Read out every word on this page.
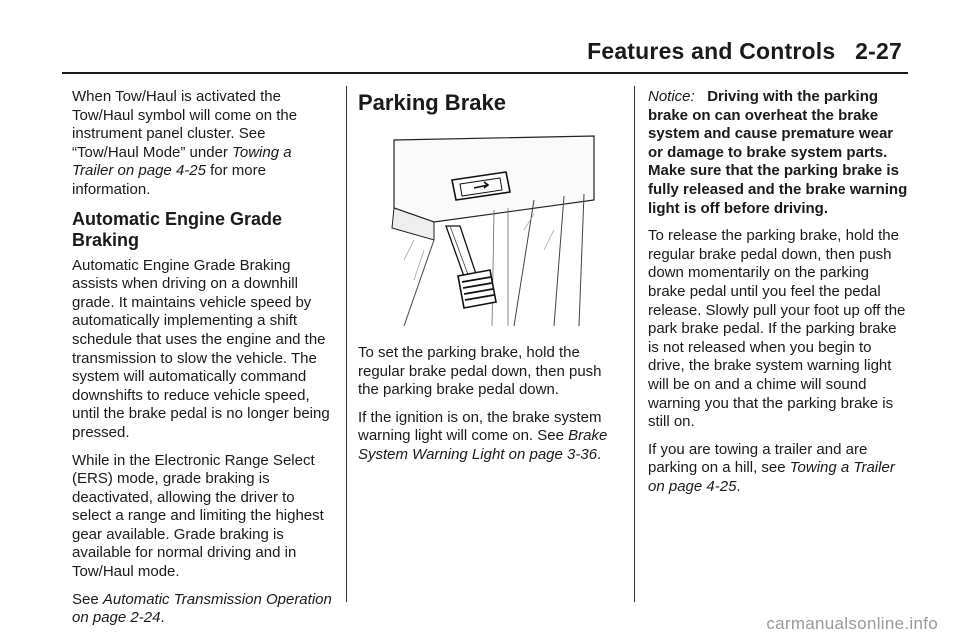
Features and Controls 2-27

When Tow/Haul is activated the Tow/Haul symbol will come on the instrument panel cluster. See “Tow/Haul Mode” under Towing a Trailer on page 4-25 for more information.

Automatic Engine Grade Braking

Automatic Engine Grade Braking assists when driving on a downhill grade. It maintains vehicle speed by automatically implementing a shift schedule that uses the engine and the transmission to slow the vehicle. The system will automatically command downshifts to reduce vehicle speed, until the brake pedal is no longer being pressed.

While in the Electronic Range Select (ERS) mode, grade braking is deactivated, allowing the driver to select a range and limiting the highest gear available. Grade braking is available for normal driving and in Tow/Haul mode.

See Automatic Transmission Operation on page 2-24.

Parking Brake

To set the parking brake, hold the regular brake pedal down, then push the parking brake pedal down.

If the ignition is on, the brake system warning light will come on. See Brake System Warning Light on page 3-36.

Notice: Driving with the parking brake on can overheat the brake system and cause premature wear or damage to brake system parts. Make sure that the parking brake is fully released and the brake warning light is off before driving.

To release the parking brake, hold the regular brake pedal down, then push down momentarily on the parking brake pedal until you feel the pedal release. Slowly pull your foot up off the park brake pedal. If the parking brake is not released when you begin to drive, the brake system warning light will be on and a chime will sound warning you that the parking brake is still on.

If you are towing a trailer and are parking on a hill, see Towing a Trailer on page 4-25.

carmanualsonline.info
